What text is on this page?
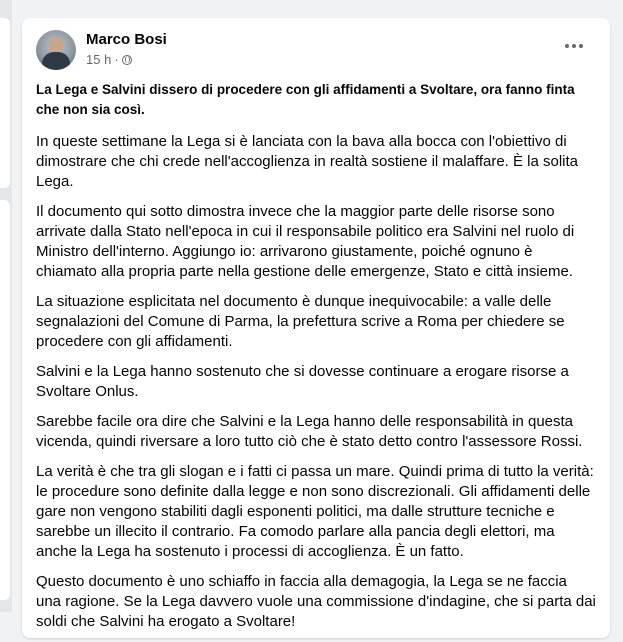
Marco Bosi
15 h ·
La Lega e Salvini dissero di procedere con gli affidamenti a Svoltare, ora fanno finta che non sia così.

In queste settimane la Lega si è lanciata con la bava alla bocca con l'obiettivo di dimostrare che chi crede nell'accoglienza in realtà sostiene il malaffare. È la solita Lega.

Il documento qui sotto dimostra invece che la maggior parte delle risorse sono arrivate dalla Stato nell'epoca in cui il responsabile politico era Salvini nel ruolo di Ministro dell'interno. Aggiungo io: arrivarono giustamente, poiché ognuno è chiamato alla propria parte nella gestione delle emergenze, Stato e città insieme.

La situazione esplicitata nel documento è dunque inequivocabile: a valle delle segnalazioni del Comune di Parma, la prefettura scrive a Roma per chiedere se procedere con gli affidamenti.

Salvini e la Lega hanno sostenuto che si dovesse continuare a erogare risorse a Svoltare Onlus.

Sarebbe facile ora dire che Salvini e la Lega hanno delle responsabilità in questa vicenda, quindi riversare a loro tutto ciò che è stato detto contro l'assessore Rossi.

La verità è che tra gli slogan e i fatti ci passa un mare. Quindi prima di tutto la verità: le procedure sono definite dalla legge e non sono discrezionali. Gli affidamenti delle gare non vengono stabiliti dagli esponenti politici, ma dalle strutture tecniche e sarebbe un illecito il contrario. Fa comodo parlare alla pancia degli elettori, ma anche la Lega ha sostenuto i processi di accoglienza. È un fatto.

Questo documento è uno schiaffo in faccia alla demagogia, la Lega se ne faccia una ragione. Se la Lega davvero vuole una commissione d'indagine, che si parta dai soldi che Salvini ha erogato a Svoltare!
